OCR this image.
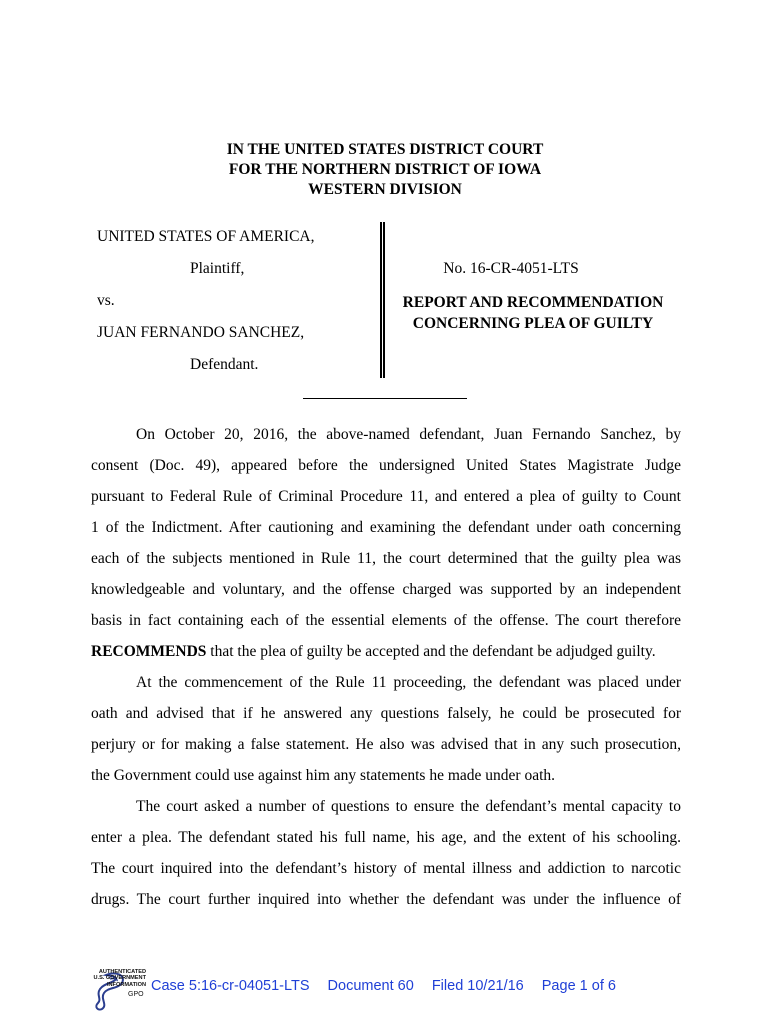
IN THE UNITED STATES DISTRICT COURT
FOR THE NORTHERN DISTRICT OF IOWA
WESTERN DIVISION
UNITED STATES OF AMERICA,
Plaintiff,
vs.
JUAN FERNANDO SANCHEZ,
Defendant.
No. 16-CR-4051-LTS
REPORT AND RECOMMENDATION
CONCERNING PLEA OF GUILTY
On October 20, 2016, the above-named defendant, Juan Fernando Sanchez, by
consent (Doc. 49), appeared before the undersigned United States Magistrate Judge
pursuant to Federal Rule of Criminal Procedure 11, and entered a plea of guilty to Count
1 of the Indictment. After cautioning and examining the defendant under oath concerning
each of the subjects mentioned in Rule 11, the court determined that the guilty plea was
knowledgeable and voluntary, and the offense charged was supported by an independent
basis in fact containing each of the essential elements of the offense. The court therefore
RECOMMENDS that the plea of guilty be accepted and the defendant be adjudged guilty.
At the commencement of the Rule 11 proceeding, the defendant was placed under
oath and advised that if he answered any questions falsely, he could be prosecuted for
perjury or for making a false statement. He also was advised that in any such prosecution,
the Government could use against him any statements he made under oath.
The court asked a number of questions to ensure the defendant’s mental capacity to
enter a plea. The defendant stated his full name, his age, and the extent of his schooling.
The court inquired into the defendant’s history of mental illness and addiction to narcotic
drugs. The court further inquired into whether the defendant was under the influence of
AUTHENTICATED
U.S. GOVERNMENT
INFORMATION
GPO
Case 5:16-cr-04051-LTS Document 60 Filed 10/21/16 Page 1 of 6
